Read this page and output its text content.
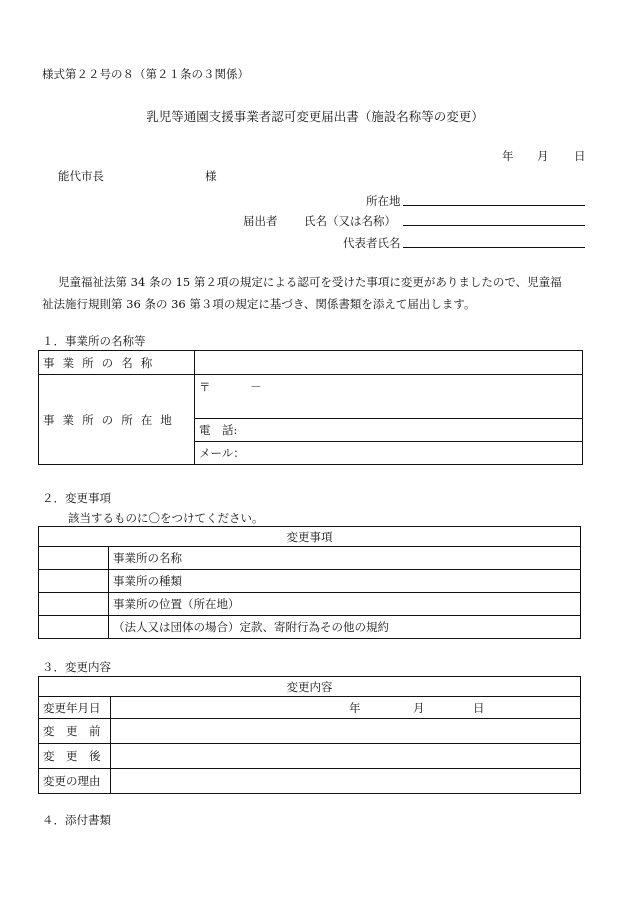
様式第２２号の８（第２１条の３関係）
乳児等通園支援事業者認可変更届出書（施設名称等の変更）
年 月 日
能代市長	様
所在地
届出者 氏名（又は名称）
代表者氏名
児童福祉法第 34 条の 15 第２項の規定による認可を受けた事項に変更がありましたので、児童福
祉法施行規則第 36 条の 36 第３項の規定に基づき、関係書類を添えて届出します。
１．事業所の名称等
事業所の名称	
事業所の所在地	〒 －
	電　話:
	メール：
２．変更事項
該当するものに〇をつけてください。
変更事項	
	事業所の名称
	事業所の種類
	事業所の位置（所在地）
	（法人又は団体の場合）定款、寄附行為その他の規約
３．変更内容
変更内容	
変更年月日	年 月 日

変　更　前	
変　更　後	
変更の理由	
４．添付書類
